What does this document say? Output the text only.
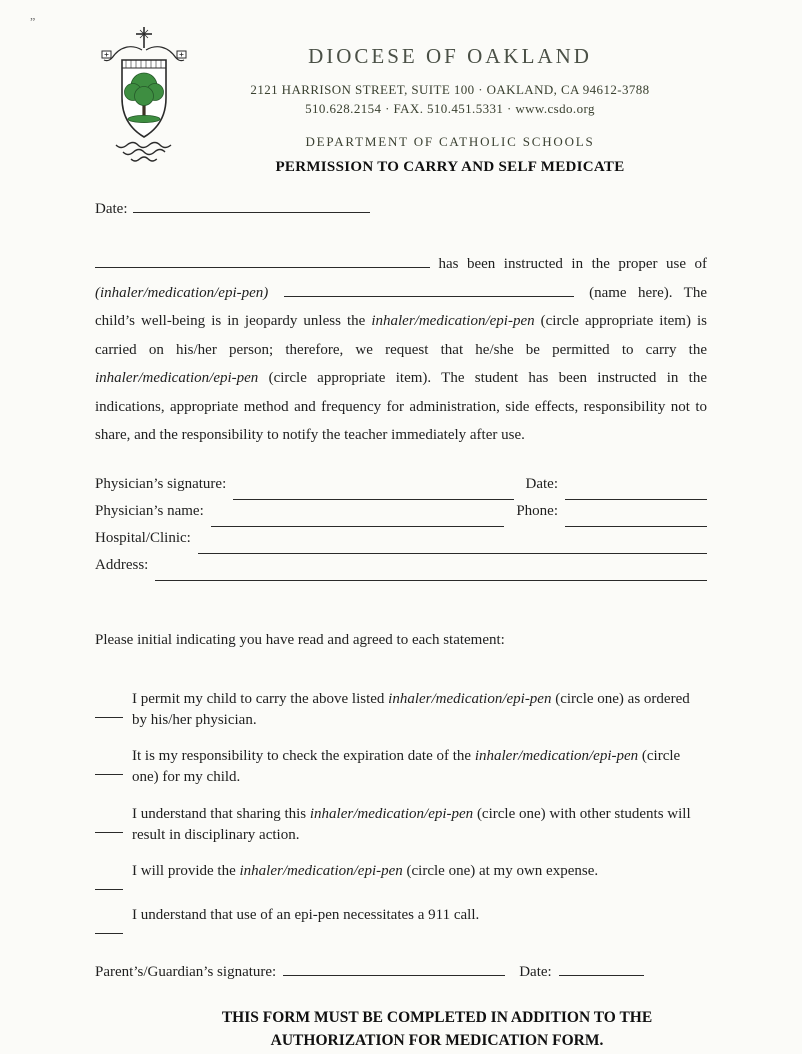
„
DIOCESE OF OAKLAND
2121 HARRISON STREET, SUITE 100 · OAKLAND, CA 94612-3788
510.628.2154 · FAX. 510.451.5331 · www.csdo.org
DEPARTMENT OF CATHOLIC SCHOOLS
PERMISSION TO CARRY AND SELF MEDICATE
Date:

has been instructed in the proper use of (inhaler/medication/epi-pen)	(name here). The child’s well-being is in jeopardy unless the inhaler/medication/epi-pen (circle appropriate item) is carried on his/her person; therefore, we request that he/she be permitted to carry the inhaler/medication/epi-pen (circle appropriate item). The student has been instructed in the indications, appropriate method and frequency for administration, side effects, responsibility not to share, and the responsibility to notify the teacher immediately after use.

Physician’s signature:	Date:
Physician’s name:	Phone:
Hospital/Clinic:
Address:
Please initial indicating you have read and agreed to each statement:
I permit my child to carry the above listed inhaler/medication/epi-pen (circle one) as ordered by his/her physician.
It is my responsibility to check the expiration date of the inhaler/medication/epi-pen (circle one) for my child.
I understand that sharing this inhaler/medication/epi-pen (circle one) with other students will result in disciplinary action.
I will provide the inhaler/medication/epi-pen (circle one) at my own expense.
I understand that use of an epi-pen necessitates a 911 call.
Parent’s/Guardian’s signature:	Date:
THIS FORM MUST BE COMPLETED IN ADDITION TO THE
AUTHORIZATION FOR MEDICATION FORM.
